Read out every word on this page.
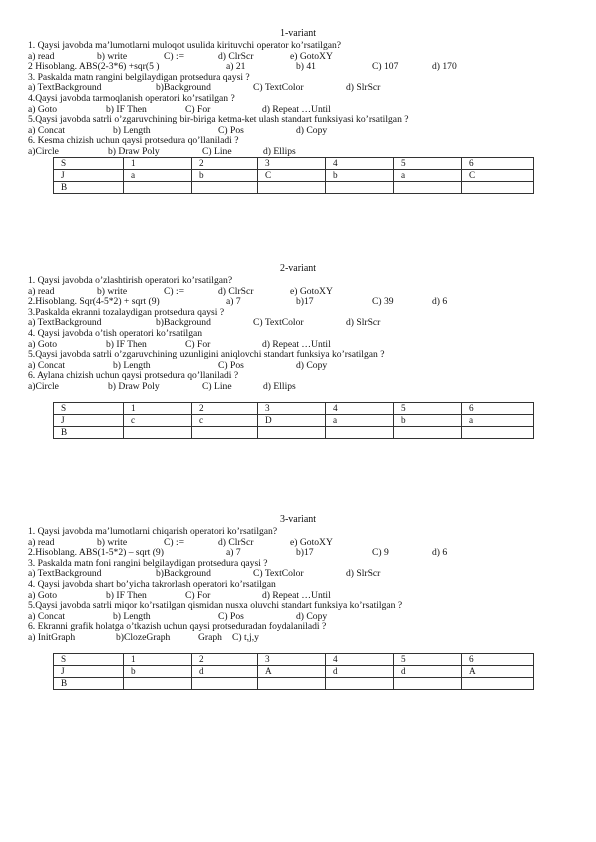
1-variant
1. Qaysi javobda ma’lumotlarni muloqot usulida kirituvchi operator ko’rsatilgan?
a) read	b) write	C) :=	d) ClrScr	e) GotoXY
2 Hisoblang. ABS(2-3*6) +sqr(5 )	a) 21	b) 41	C) 107	d) 170
3. Paskalda matn rangini belgilaydigan protsedura qaysi ?
a) TextBackground	b)Background	C) TextColor	d) SlrScr
4.Qaysi javobda tarmoqlanish operatori ko’rsatilgan ?
a) Goto	b) IF Then	C) For	d) Repeat …Until
5.Qaysi javobda satrli o’zgaruvchining bir-biriga ketma-ket ulash standart funksiyasi ko’rsatilgan ?
a) Concat	b) Length	C) Pos	d) Copy
6. Kesma chizish uchun qaysi protsedura qo’llaniladi ?
a)Circle	b) Draw Poly	C) Line	d) Ellips
S	1	2	3	4	5	6
J	a	b	C	b	a	C
B						
2-variant
1. Qaysi javobda o’zlashtirish operatori ko’rsatilgan?
a) read	b) write	C) :=	d) ClrScr	e) GotoXY
2.Hisoblang. Sqr(4-5*2) + sqrt (9)	a) 7	b)17	C) 39	d) 6
3.Paskalda ekranni tozalaydigan protsedura qaysi ?
a) TextBackground	b)Background	C) TextColor	d) SlrScr
4. Qaysi javobda o’tish operatori ko’rsatilgan
a) Goto	b) IF Then	C) For	d) Repeat …Until
5.Qaysi javobda satrli o’zgaruvchining uzunligini aniqlovchi standart funksiya ko’rsatilgan ?
a) Concat	b) Length	C) Pos	d) Copy
6. Aylana chizish uchun qaysi protsedura qo’llaniladi ?
a)Circle	b) Draw Poly	C) Line	d) Ellips
S	1	2	3	4	5	6
J	c	c	D	a	b	a
B						
3-variant
1. Qaysi javobda ma’lumotlarni chiqarish operatori ko’rsatilgan?
a) read	b) write	C) :=	d) ClrScr	e) GotoXY
2.Hisoblang. ABS(1-5*2) – sqrt (9)	a) 7	b)17	C) 9	d) 6
3. Paskalda matn foni rangini belgilaydigan protsedura qaysi ?
a) TextBackground	b)Background	C) TextColor	d) SlrScr
4. Qaysi javobda shart bo’yicha takrorlash operatori ko’rsatilgan
a) Goto	b) IF Then	C) For	d) Repeat …Until
5.Qaysi javobda satrli miqor ko’rsatilgan qismidan nusxa oluvchi standart funksiya ko’rsatilgan ?
a) Concat	b) Length	C) Pos	d) Copy
6. Ekranni grafik holatga o’tkazish uchun qaysi protseduradan foydalaniladi ?
a) InitGraph	b)ClozeGraph	Graph C) t,j,y
S	1	2	3	4	5	6
J	b	d	A	d	d	A
B						
